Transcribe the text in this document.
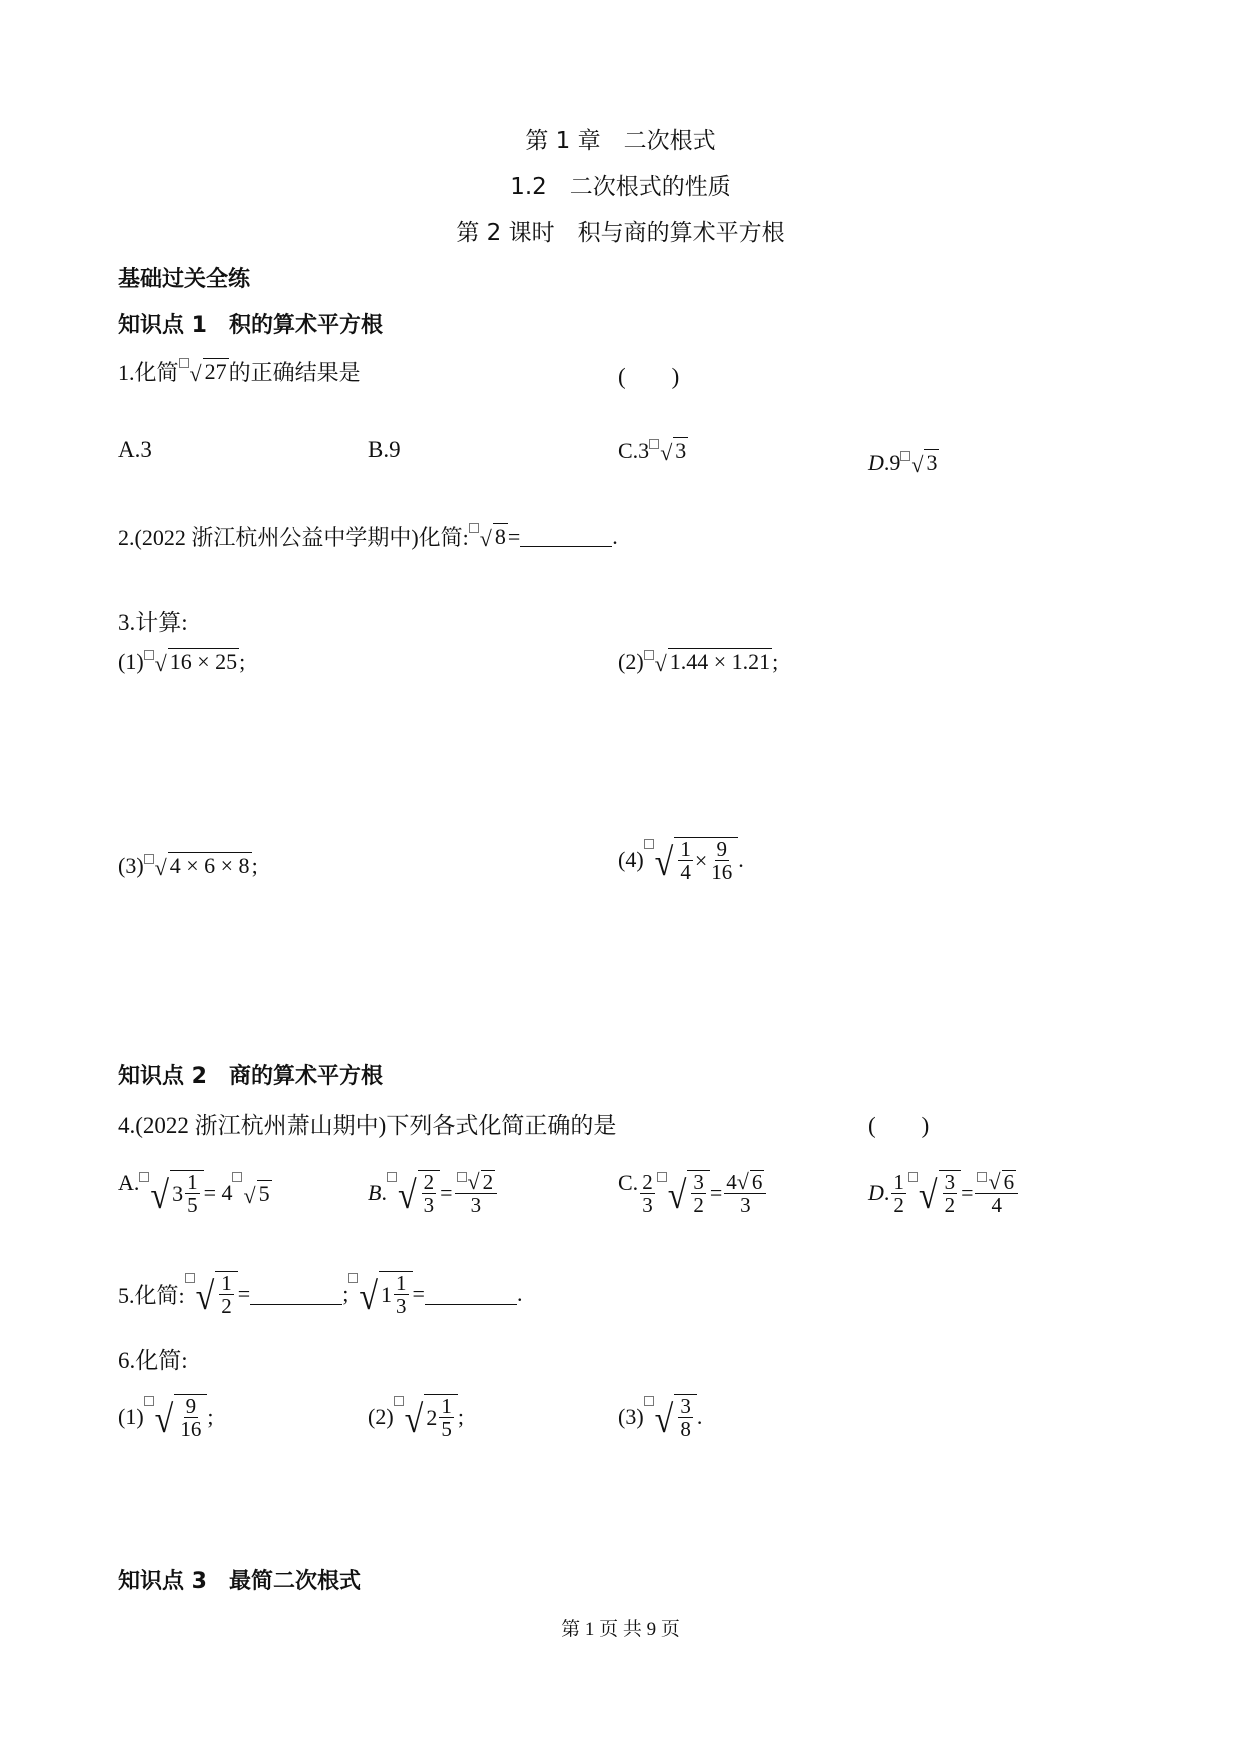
第 1 章　二次根式
1.2　二次根式的性质
第 2 课时　积与商的算术平方根
基础过关全练
知识点 1　积的算术平方根
1.化简 √ 27 的正确结果是	(　　)
A.3	B.9	C.3 √ 3	D .9 √ 3
2.(2022 浙江杭州公益中学期中)化简: √ 8 =	.
3.计算:
(1) √ 16 × 25 ;	(2) √ 1.44 × 1.21 ;
(3) √ 4 × 6 × 8 ;	(4) √ $\frac{1}{4} \times \frac{9}{16}$ .
知识点 2　商的算术平方根
4.(2022 浙江杭州萧山期中)下列各式化简正确的是	(　　)
A. √ $3 \frac{1}{5} = 4$ √ 5	B . √ $\frac{2}{3} = \frac{√ 2}{3}$	C. $\frac{2}{3}$ √ $\frac{3}{2} = \frac{4 √ 6}{3}$	D . $\frac{1}{2}$ √ $\frac{3}{2} = \frac{√ 6}{4}$
5.化简: √ $\frac{1}{2}$ =	; √ $1 \frac{1}{3}$ =	.
6.化简:
(1) √ $\frac{9}{16}$ ;	(2) √ $2 \frac{1}{5}$ ;	(3) √ $\frac{3}{8}$ .
知识点 3　最简二次根式
第 1 页 共 9 页
